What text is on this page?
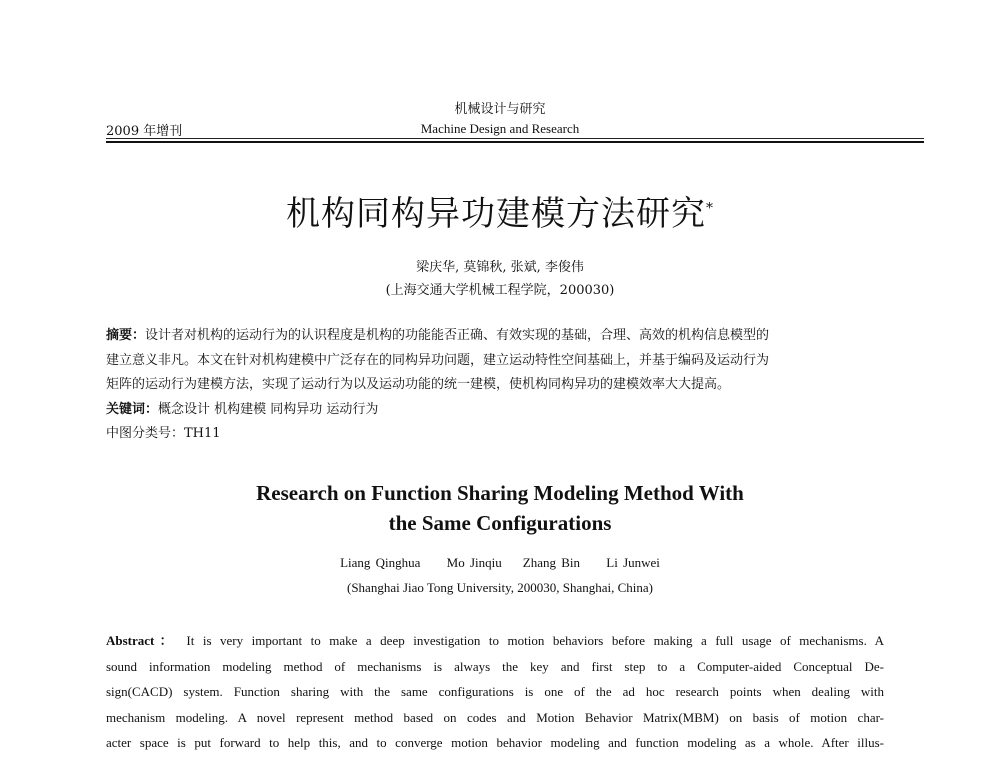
机械设计与研究
2009 年增刊	Machine Design and Research
机构同构异功建模方法研究*
梁庆华, 莫锦秋, 张斌, 李俊伟
(上海交通大学机械工程学院，200030)

摘要：设计者对机构的运动行为的认识程度是机构的功能能否正确、有效实现的基础，合理、高效的机构信息模型的

建立意义非凡。本文在针对机构建模中广泛存在的同构异功问题，建立运动特性空间基础上，并基于编码及运动行为

矩阵的运动行为建模方法，实现了运动行为以及运动功能的统一建模，使机构同构异功的建模效率大大提高。

关键词：概念设计 机构建模 同构异功 运动行为

中图分类号：TH11

Research on Function Sharing Modeling Method With
the Same Configurations
Liang Qinghua Mo Jinqiu Zhang Bin Li Junwei
(Shanghai Jiao Tong University, 200030, Shanghai, China)
Abstract： It is very important to make a deep investigation to motion behaviors before making a full usage of mechanisms. A
sound information modeling method of mechanisms is always the key and first step to a Computer-aided Conceptual De-
sign(CACD) system. Function sharing with the same configurations is one of the ad hoc research points when dealing with
mechanism modeling. A novel represent method based on codes and Motion Behavior Matrix(MBM) on basis of motion char-
acter space is put forward to help this, and to converge motion behavior modeling and function modeling as a whole. After illus-
